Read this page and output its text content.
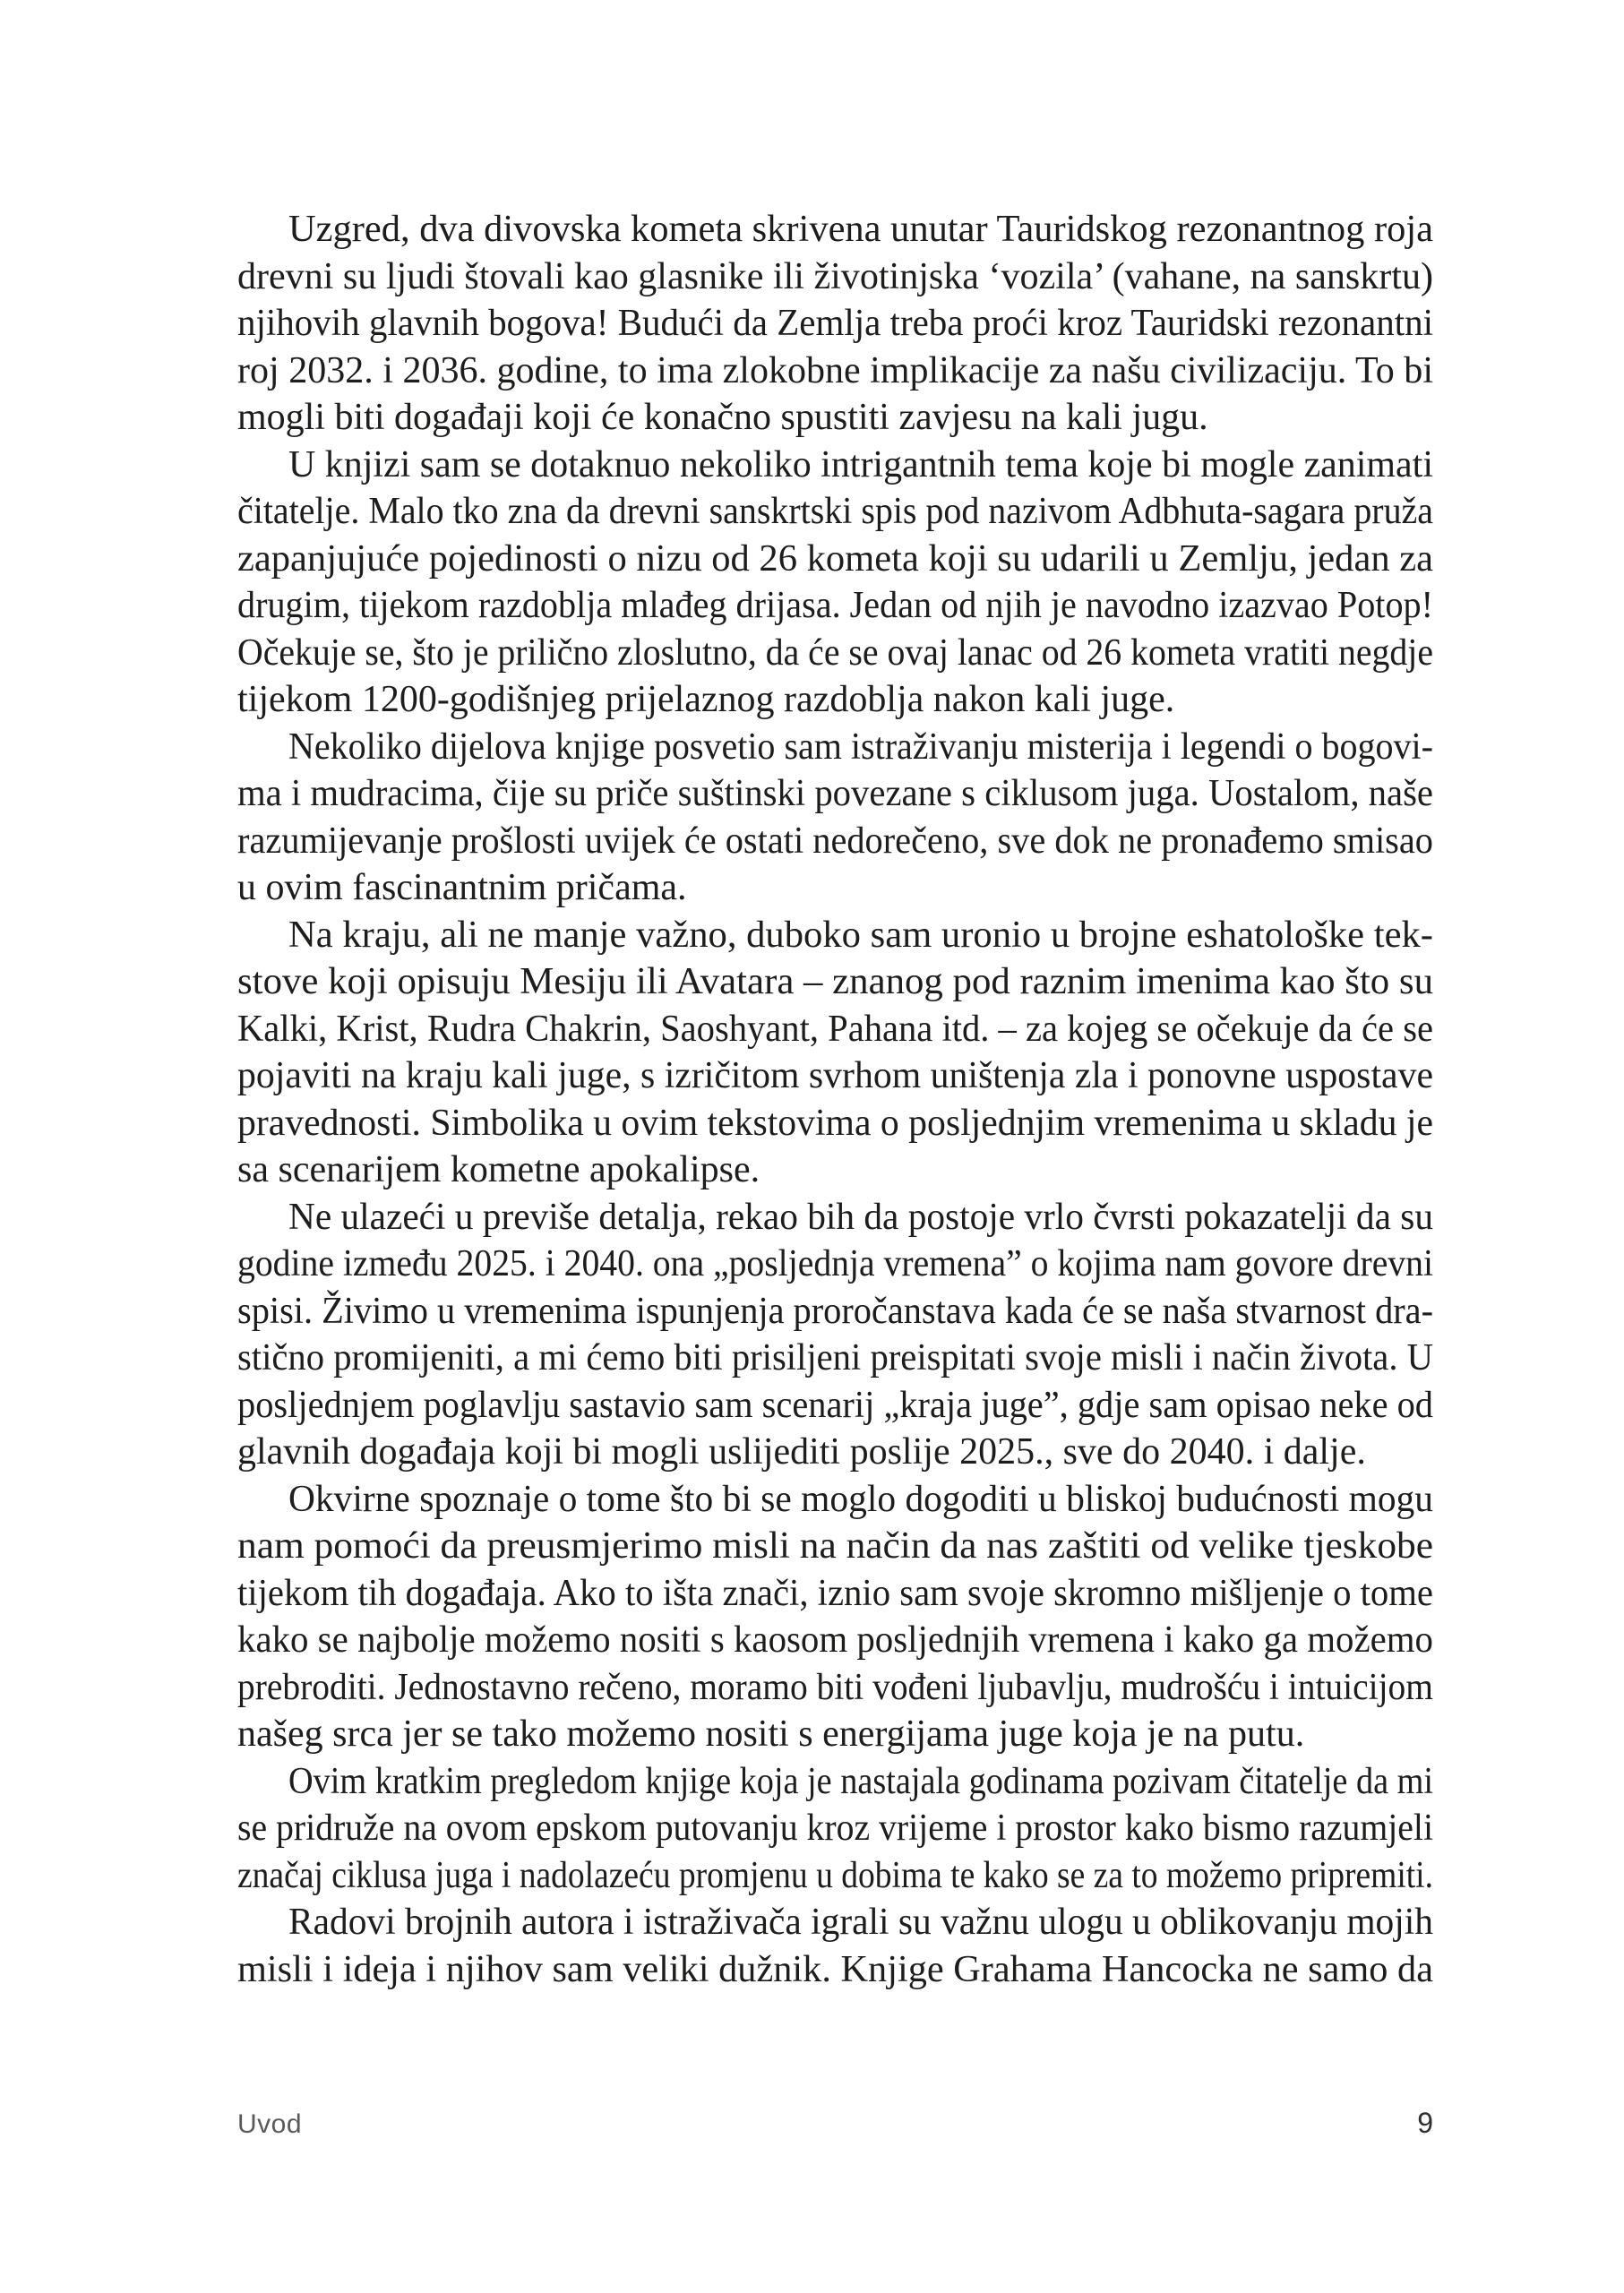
Uzgred, dva divovska kometa skrivena unutar Tauridskog rezonantnog roja
drevni su ljudi štovali kao glasnike ili životinjska ‘vozila’ (vahane, na sanskrtu)
njihovih glavnih bogova! Budući da Zemlja treba proći kroz Tauridski rezonantni
roj 2032. i 2036. godine, to ima zlokobne implikacije za našu civilizaciju. To bi
mogli biti događaji koji će konačno spustiti zavjesu na kali jugu.

U knjizi sam se dotaknuo nekoliko intrigantnih tema koje bi mogle zanimati
čitatelje. Malo tko zna da drevni sanskrtski spis pod nazivom Adbhuta-sagara pruža
zapanjujuće pojedinosti o nizu od 26 kometa koji su udarili u Zemlju, jedan za
drugim, tijekom razdoblja mlađeg drijasa. Jedan od njih je navodno izazvao Potop!
Očekuje se, što je prilično zloslutno, da će se ovaj lanac od 26 kometa vratiti negdje
tijekom 1200-godišnjeg prijelaznog razdoblja nakon kali juge.

Nekoliko dijelova knjige posvetio sam istraživanju misterija i legendi o bogovi-
ma i mudracima, čije su priče suštinski povezane s ciklusom juga. Uostalom, naše
razumijevanje prošlosti uvijek će ostati nedorečeno, sve dok ne pronađemo smisao
u ovim fascinantnim pričama.

Na kraju, ali ne manje važno, duboko sam uronio u brojne eshatološke tek-
stove koji opisuju Mesiju ili Avatara – znanog pod raznim imenima kao što su
Kalki, Krist, Rudra Chakrin, Saoshyant, Pahana itd. – za kojeg se očekuje da će se
pojaviti na kraju kali juge, s izričitom svrhom uništenja zla i ponovne uspostave
pravednosti. Simbolika u ovim tekstovima o posljednjim vremenima u skladu je
sa scenarijem kometne apokalipse.

Ne ulazeći u previše detalja, rekao bih da postoje vrlo čvrsti pokazatelji da su
godine između 2025. i 2040. ona „posljednja vremena” o kojima nam govore drevni
spisi. Živimo u vremenima ispunjenja proročanstava kada će se naša stvarnost dra-
stično promijeniti, a mi ćemo biti prisiljeni preispitati svoje misli i način života. U
posljednjem poglavlju sastavio sam scenarij „kraja juge”, gdje sam opisao neke od
glavnih događaja koji bi mogli uslijediti poslije 2025., sve do 2040. i dalje.

Okvirne spoznaje o tome što bi se moglo dogoditi u bliskoj budućnosti mogu
nam pomoći da preusmjerimo misli na način da nas zaštiti od velike tjeskobe
tijekom tih događaja. Ako to išta znači, iznio sam svoje skromno mišljenje o tome
kako se najbolje možemo nositi s kaosom posljednjih vremena i kako ga možemo
prebroditi. Jednostavno rečeno, moramo biti vođeni ljubavlju, mudrošću i intuicijom
našeg srca jer se tako možemo nositi s energijama juge koja je na putu.

Ovim kratkim pregledom knjige koja je nastajala godinama pozivam čitatelje da mi
se pridruže na ovom epskom putovanju kroz vrijeme i prostor kako bismo razumjeli
značaj ciklusa juga i nadolazeću promjenu u dobima te kako se za to možemo pripremiti.

Radovi brojnih autora i istraživača igrali su važnu ulogu u oblikovanju mojih
misli i ideja i njihov sam veliki dužnik. Knjige Grahama Hancocka ne samo da

Uvod	9
